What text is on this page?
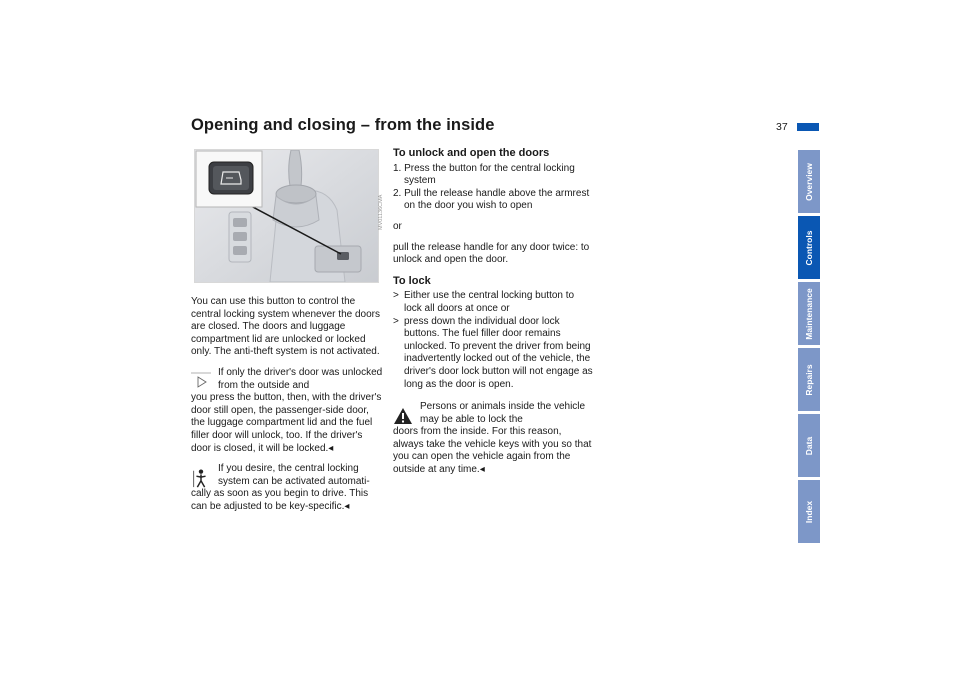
Opening and closing – from the inside	37
Overview
Controls
Maintenance
Repairs
Data
Index
MV01136CMA

You can use this button to control the central locking system whenever the doors are closed. The doors and luggage compartment lid are unlocked or locked only. The anti-theft system is not activated.

If only the driver's door was unlocked from the outside and

you press the button, then, with the driver's door still open, the passenger-side door, the luggage compartment lid and the fuel filler door will unlock, too. If the driver's door is closed, it will be locked.◂

If you desire, the central locking system can be activated automati-

cally as soon as you begin to drive. This can be adjusted to be key-specific.◂

To unlock and open the doors

1. Press the button for the central locking system
2. Pull the release handle above the armrest on the door you wish to open

or

pull the release handle for any door twice: to unlock and open the door.

To lock

> Either use the central locking button to lock all doors at once or
> press down the individual door lock buttons. The fuel filler door remains unlocked. To prevent the driver from being inadvertently locked out of the vehicle, the driver's door lock button will not engage as long as the door is open.

Persons or animals inside the vehicle may be able to lock the

doors from the inside. For this reason, always take the vehicle keys with you so that you can open the vehicle again from the outside at any time.◂
